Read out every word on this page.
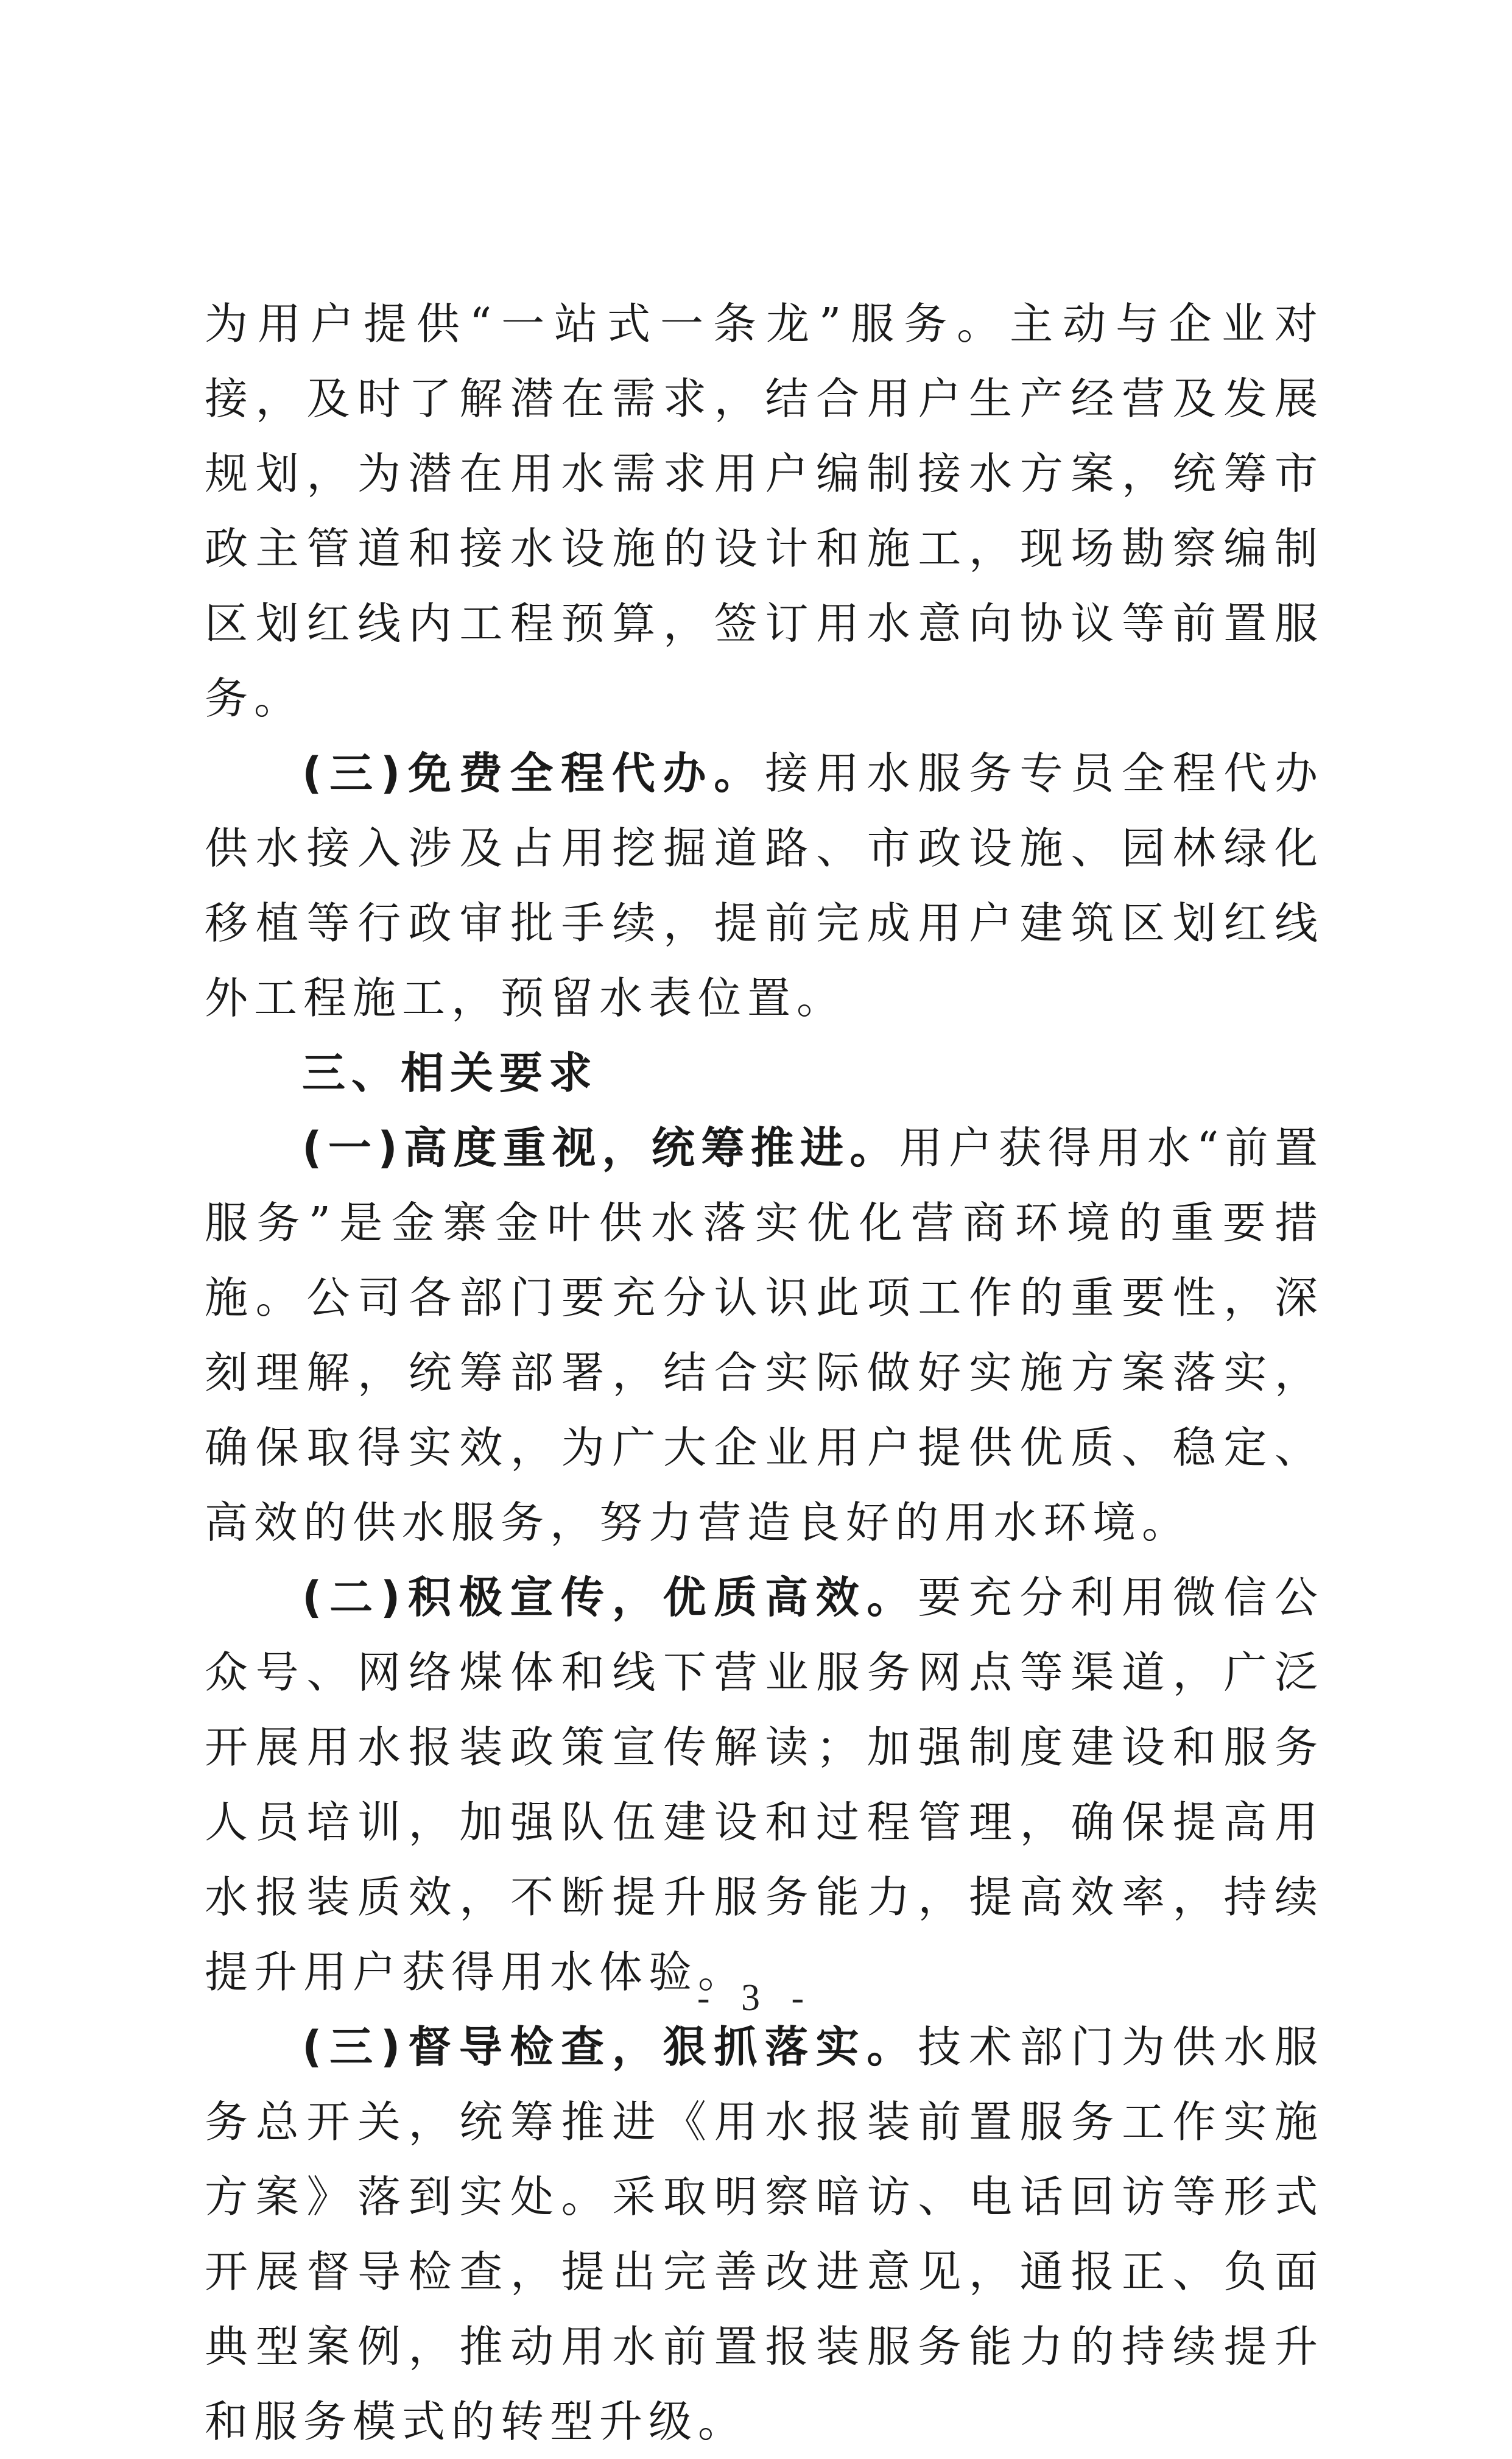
为用户提供“一站式一条龙”服务。主动与企业对接，及时了解潜在需求，结合用户生产经营及发展规划，为潜在用水需求用户编制接水方案，统筹市政主管道和接水设施的设计和施工，现场勘察编制区划红线内工程预算，签订用水意向协议等前置服务。

(三)免费全程代办。接用水服务专员全程代办供水接入涉及占用挖掘道路、市政设施、园林绿化移植等行政审批手续，提前完成用户建筑区划红线外工程施工，预留水表位置。

三、相关要求

(一)高度重视，统筹推进。用户获得用水“前置服务”是金寨金叶供水落实优化营商环境的重要措施。公司各部门要充分认识此项工作的重要性，深刻理解，统筹部署，结合实际做好实施方案落实，确保取得实效，为广大企业用户提供优质、稳定、高效的供水服务，努力营造良好的用水环境。

(二)积极宣传，优质高效。要充分利用微信公众号、网络煤体和线下营业服务网点等渠道，广泛开展用水报装政策宣传解读；加强制度建设和服务人员培训，加强队伍建设和过程管理，确保提高用水报装质效，不断提升服务能力，提高效率，持续提升用户获得用水体验。

(三)督导检查，狠抓落实。技术部门为供水服务总开关，统筹推进《用水报装前置服务工作实施方案》落到实处。采取明察暗访、电话回访等形式开展督导检查，提出完善改进意见，通报正、负面典型案例，推动用水前置报装服务能力的持续提升和服务模式的转型升级。

- 3 -
